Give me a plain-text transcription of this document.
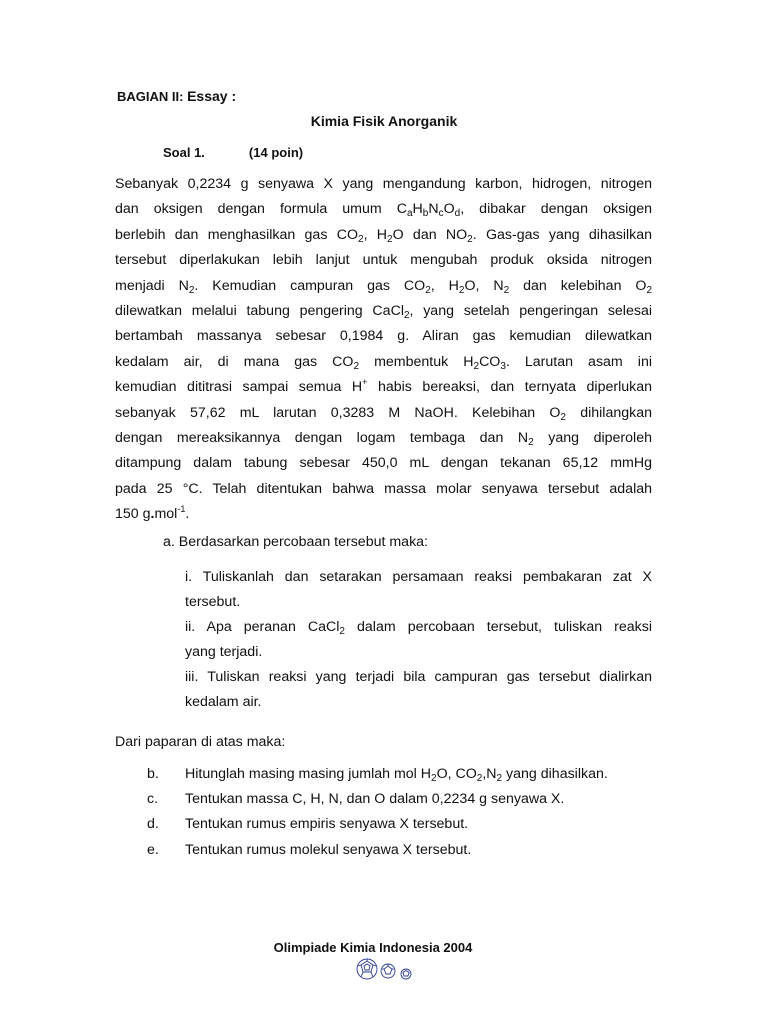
BAGIAN II: Essay :
Kimia Fisik Anorganik
Soal 1.	(14 poin)
Sebanyak 0,2234 g senyawa X yang mengandung karbon, hidrogen, nitrogen
dan oksigen dengan formula umum $C_aH_bN_cO_d$, dibakar dengan oksigen
berlebih dan menghasilkan gas $CO_2$, $H_2O$ dan $NO_2$. Gas-gas yang dihasilkan
tersebut diperlakukan lebih lanjut untuk mengubah produk oksida nitrogen
menjadi $N_2$. Kemudian campuran gas $CO_2$, $H_2O$, $N_2$ dan kelebihan $O_2$
dilewatkan melalui tabung pengering CaCl$_2$, yang setelah pengeringan selesai
bertambah massanya sebesar 0,1984 g. Aliran gas kemudian dilewatkan
kedalam air, di mana gas $CO_2$ membentuk $H_2CO_3$. Larutan asam ini
kemudian dititrasi sampai semua H+ habis bereaksi, dan ternyata diperlukan
sebanyak 57,62 mL larutan 0,3283 M NaOH. Kelebihan $O_2$ dihilangkan
dengan mereaksikannya dengan logam tembaga dan $N_2$ yang diperoleh
ditampung dalam tabung sebesar 450,0 mL dengan tekanan 65,12 mmHg
pada 25 °C. Telah ditentukan bahwa massa molar senyawa tersebut adalah
150 g.mol$^{-1}$.
a. Berdasarkan percobaan tersebut maka:
i. Tuliskanlah dan setarakan persamaan reaksi pembakaran zat X
tersebut.
ii. Apa peranan CaCl$_2$ dalam percobaan tersebut, tuliskan reaksi
yang terjadi.
iii. Tuliskan reaksi yang terjadi bila campuran gas tersebut dialirkan
kedalam air.
Dari paparan di atas maka:
b. Hitunglah masing masing jumlah mol $H_2O$, $CO_2,N_2$ yang dihasilkan.
c. Tentukan massa C, H, N, dan O dalam 0,2234 g senyawa X.
d. Tentukan rumus empiris senyawa X tersebut.
e. Tentukan rumus molekul senyawa X tersebut.
Olimpiade Kimia Indonesia 2004
